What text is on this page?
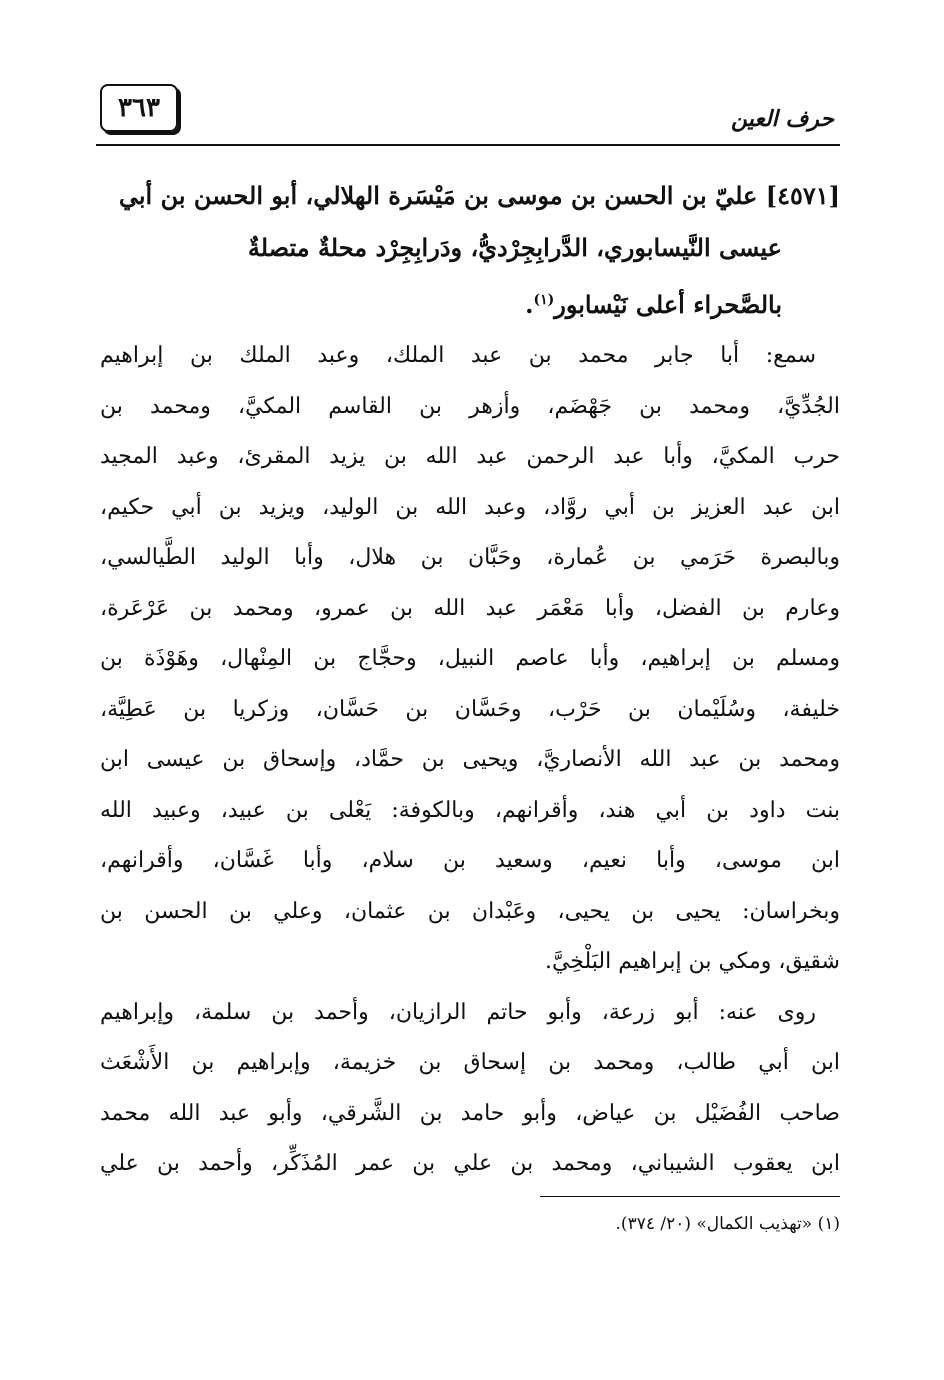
حرف العين
٣٦٣
[٤٥٧١] عليّ بن الحسن بن موسى بن مَيْسَرة الهلالي، أبو الحسن بن أبي
عيسى النَّيسابوري، الدَّرابِجِرْديُّ، ودَرابِجِرْد محلةٌ متصلةٌ
بالصَّحراء أعلى نَيْسابور$^{(١)}$.
سمع: أبا جابر محمد بن عبد الملك، وعبد الملك بن إبراهيم
الجُدِّيَّ، ومحمد بن جَهْضَم، وأزهر بن القاسم المكيَّ، ومحمد بن
حرب المكيَّ، وأبا عبد الرحمن عبد الله بن يزيد المقرئ، وعبد المجيد
ابن عبد العزيز بن أبي روَّاد، وعبد الله بن الوليد، ويزيد بن أبي حكيم،
وبالبصرة حَرَمي بن عُمارة، وحَبَّان بن هلال، وأبا الوليد الطَّيالسي،
وعارم بن الفضل، وأبا مَعْمَر عبد الله بن عمرو، ومحمد بن عَرْعَرة،
ومسلم بن إبراهيم، وأبا عاصم النبيل، وحجَّاج بن المِنْهال، وهَوْذَة بن
خليفة، وسُلَيْمان بن حَرْب، وحَسَّان بن حَسَّان، وزكريا بن عَطِيَّة،
ومحمد بن عبد الله الأنصاريَّ، ويحيى بن حمَّاد، وإسحاق بن عيسى ابن
بنت داود بن أبي هند، وأقرانهم، وبالكوفة: يَعْلى بن عبيد، وعبيد الله
ابن موسى، وأبا نعيم، وسعيد بن سلام، وأبا غَسَّان، وأقرانهم،
وبخراسان: يحيى بن يحيى، وعَبْدان بن عثمان، وعلي بن الحسن بن
شقيق، ومكي بن إبراهيم البَلْخِيَّ.
روى عنه: أبو زرعة، وأبو حاتم الرازيان، وأحمد بن سلمة، وإبراهيم
ابن أبي طالب، ومحمد بن إسحاق بن خزيمة، وإبراهيم بن الأَشْعَث
صاحب الفُضَيْل بن عياض، وأبو حامد بن الشَّرقي، وأبو عبد الله محمد
ابن يعقوب الشيباني، ومحمد بن علي بن عمر المُذَكِّر، وأحمد بن علي
(١) «تهذيب الكمال» (٢٠/ ٣٧٤).
